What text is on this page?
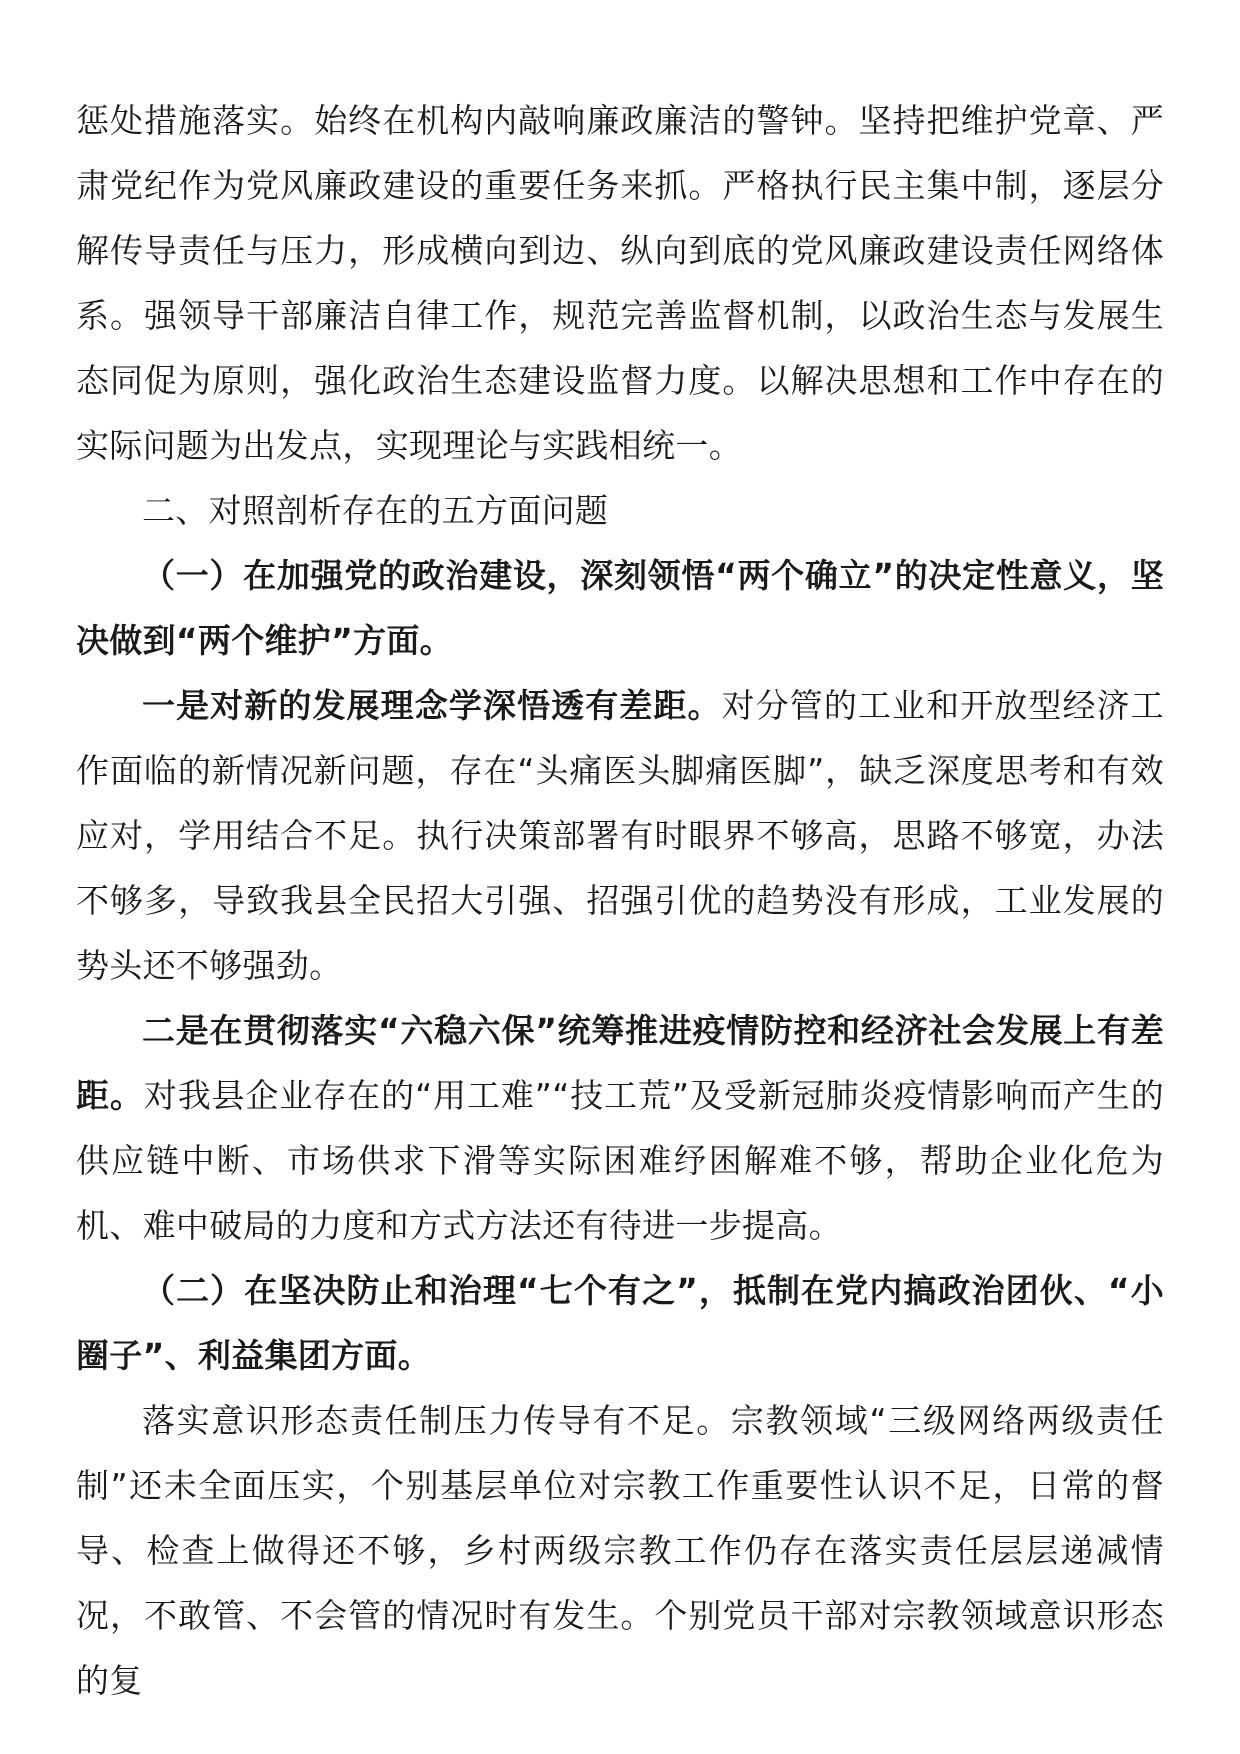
惩处措施落实。始终在机构内敲响廉政廉洁的警钟。坚持把维护党章、严肃党纪作为党风廉政建设的重要任务来抓。严格执行民主集中制，逐层分解传导责任与压力，形成横向到边、纵向到底的党风廉政建设责任网络体系。强领导干部廉洁自律工作，规范完善监督机制，以政治生态与发展生态同促为原则，强化政治生态建设监督力度。以解决思想和工作中存在的实际问题为出发点，实现理论与实践相统一。

二、对照剖析存在的五方面问题

（一）在加强党的政治建设，深刻领悟“两个确立”的决定性意义，坚决做到“两个维护”方面。

一是对新的发展理念学深悟透有差距。对分管的工业和开放型经济工作面临的新情况新问题，存在“头痛医头脚痛医脚”，缺乏深度思考和有效应对，学用结合不足。执行决策部署有时眼界不够高，思路不够宽，办法不够多，导致我县全民招大引强、招强引优的趋势没有形成，工业发展的势头还不够强劲。

二是在贯彻落实“六稳六保”统筹推进疫情防控和经济社会发展上有差距。对我县企业存在的“用工难”“技工荒”及受新冠肺炎疫情影响而产生的供应链中断、市场供求下滑等实际困难纾困解难不够，帮助企业化危为机、难中破局的力度和方式方法还有待进一步提高。

（二）在坚决防止和治理“七个有之”，抵制在党内搞政治团伙、“小圈子”、利益集团方面。

落实意识形态责任制压力传导有不足。宗教领域“三级网络两级责任制”还未全面压实，个别基层单位对宗教工作重要性认识不足，日常的督导、检查上做得还不够，乡村两级宗教工作仍存在落实责任层层递减情况，不敢管、不会管的情况时有发生。个别党员干部对宗教领域意识形态的复
